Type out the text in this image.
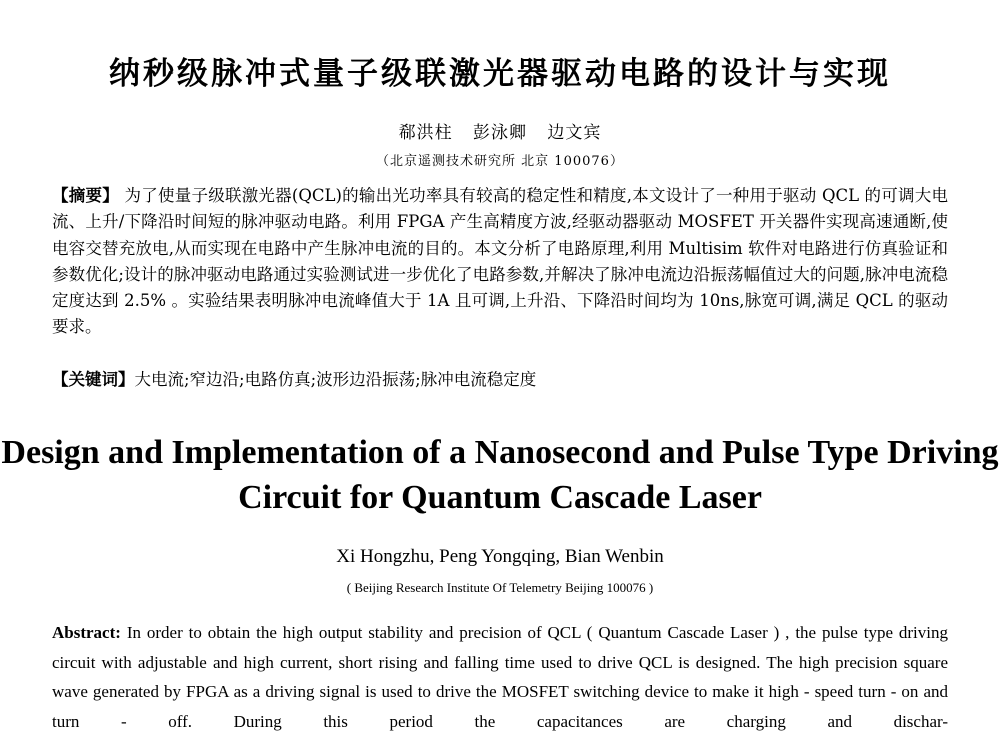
纳秒级脉冲式量子级联激光器驱动电路的设计与实现
郗洪柱 彭泳卿 边文宾
（北京遥测技术研究所 北京 100076）
【摘要】 为了使量子级联激光器(QCL)的输出光功率具有较高的稳定性和精度,本文设计了一种用于驱动 QCL 的可调大电流、上升/下降沿时间短的脉冲驱动电路。利用 FPGA 产生高精度方波,经驱动器驱动 MOSFET 开关器件实现高速通断,使电容交替充放电,从而实现在电路中产生脉冲电流的目的。本文分析了电路原理,利用 Multisim 软件对电路进行仿真验证和参数优化;设计的脉冲驱动电路通过实验测试进一步优化了电路参数,并解决了脉冲电流边沿振荡幅值过大的问题,脉冲电流稳定度达到 2.5% 。实验结果表明脉冲电流峰值大于 1A 且可调,上升沿、下降沿时间均为 10ns,脉宽可调,满足 QCL 的驱动要求。
【关键词】大电流;窄边沿;电路仿真;波形边沿振荡;脉冲电流稳定度
Design and Implementation of a Nanosecond and Pulse Type Driving Circuit for Quantum Cascade Laser
Xi Hongzhu, Peng Yongqing, Bian Wenbin
( Beijing Research Institute Of Telemetry Beijing 100076 )
Abstract: In order to obtain the high output stability and precision of QCL ( Quantum Cascade Laser ) , the pulse type driving circuit with adjustable and high current, short rising and falling time used to drive QCL is designed. The high precision square wave generated by FPGA as a driving signal is used to drive the MOSFET switching device to make it high - speed turn - on and turn - off. During this period the capacitances are charging and dischar-
